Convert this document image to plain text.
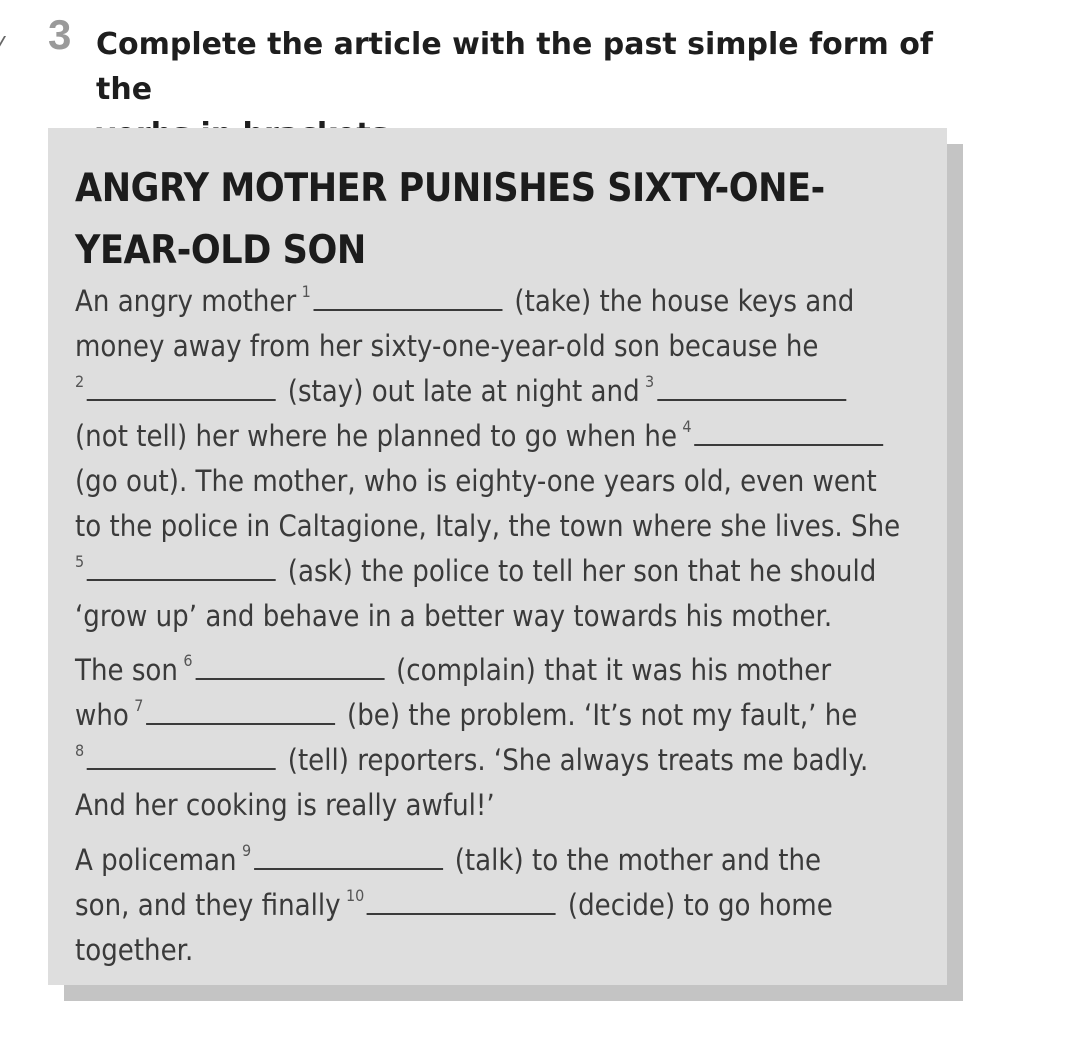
3 Complete the article with the past simple form of the
ANGRY MOTHER PUNISHES SIXTY-ONE-
YEAR-OLD SON
An angry mother $^1$	(take) the house keys and
money away from her sixty-one-year-old son because he
$^2$	(stay) out late at night and $^3$
(not tell) her where he planned to go when he $^4$
(go out). The mother, who is eighty-one years old, even went
to the police in Caltagione, Italy, the town where she lives. She
$^5$	(ask) the police to tell her son that he should
‘grow up’ and behave in a better way towards his mother.
The son $^6$	(complain) that it was his mother
who $^7$	(be) the problem. ‘It’s not my fault,’ he
$^8$	(tell) reporters. ‘She always treats me badly.
And her cooking is really awful!’
A policeman $^9$	(talk) to the mother and the
son, and they finally $^{10}$	(decide) to go home
together.
